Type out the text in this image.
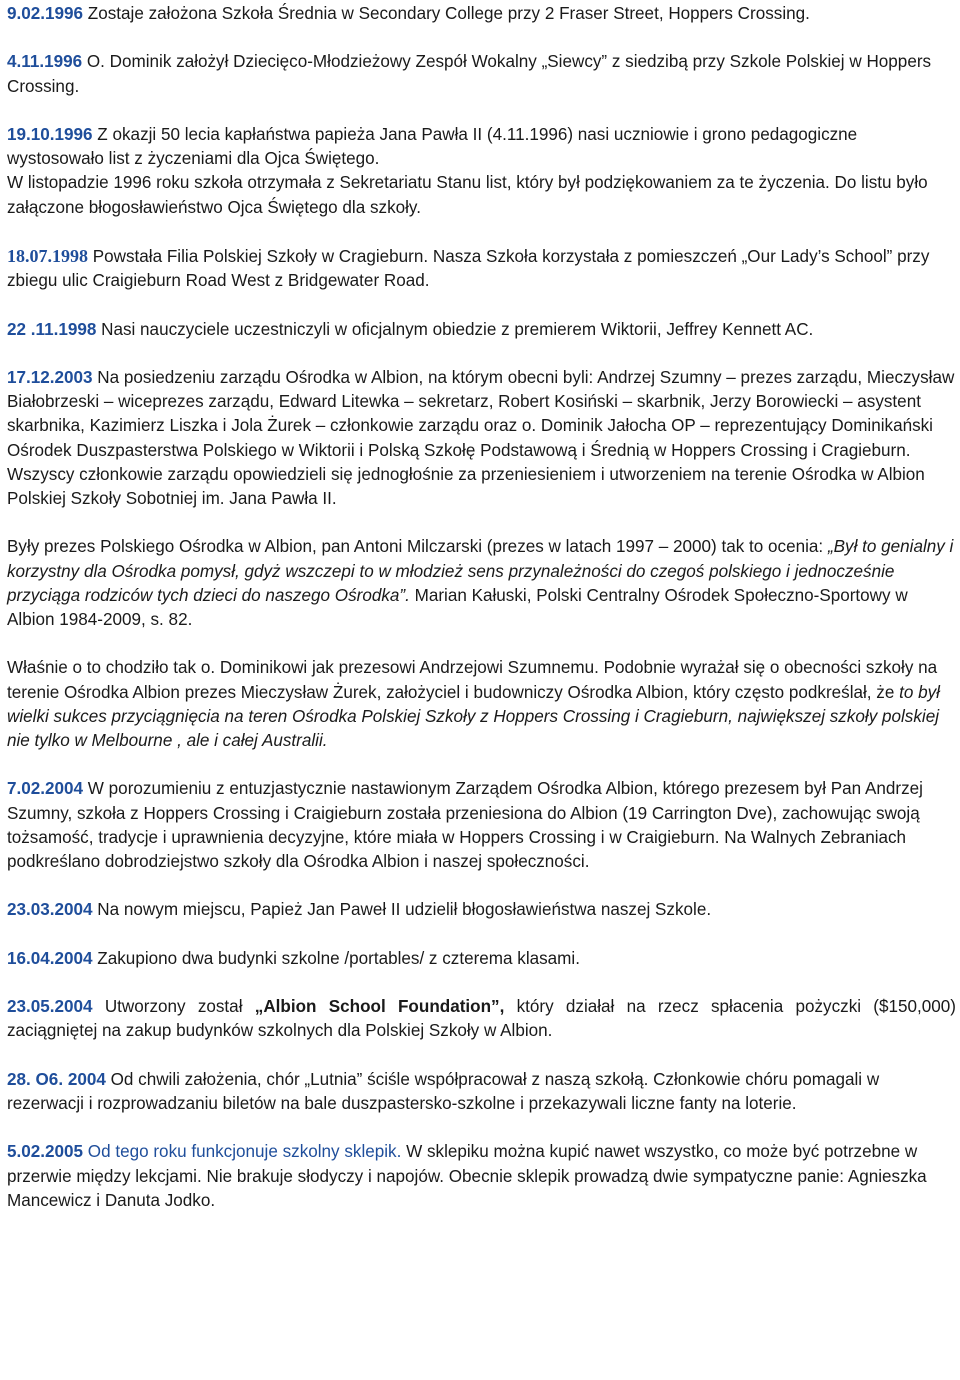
9.02.1996 Zostaje założona Szkoła Średnia w Secondary College przy 2 Fraser Street, Hoppers Crossing.

4.11.1996 O. Dominik założył Dziecięco-Młodzieżowy Zespół Wokalny „Siewcy” z siedzibą przy Szkole Polskiej w Hoppers Crossing.

19.10.1996 Z okazji 50 lecia kapłaństwa papieża Jana Pawła II (4.11.1996) nasi uczniowie i grono pedagogiczne wystosowało list z życzeniami dla Ojca Świętego.
W listopadzie 1996 roku szkoła otrzymała z Sekretariatu Stanu list, który był podziękowaniem za te życzenia. Do listu było załączone błogosławieństwo Ojca Świętego dla szkoły.

18.07.1998 Powstała Filia Polskiej Szkoły w Cragieburn. Nasza Szkoła korzystała z pomieszczeń „Our Lady’s School” przy zbiegu ulic Craigieburn Road West z Bridgewater Road.

22 .11.1998 Nasi nauczyciele uczestniczyli w oficjalnym obiedzie z premierem Wiktorii, Jeffrey Kennett AC.

17.12.2003 Na posiedzeniu zarządu Ośrodka w Albion, na którym obecni byli: Andrzej Szumny – prezes zarządu, Mieczysław Białobrzeski – wiceprezes zarządu, Edward Litewka – sekretarz, Robert Kosiński – skarbnik, Jerzy Borowiecki – asystent skarbnika, Kazimierz Liszka i Jola Żurek – członkowie zarządu oraz o. Dominik Jałocha OP – reprezentujący Dominikański Ośrodek Duszpasterstwa Polskiego w Wiktorii i Polską Szkołę Podstawową i Średnią w Hoppers Crossing i Cragieburn. Wszyscy członkowie zarządu opowiedzieli się jednogłośnie za przeniesieniem i utworzeniem na terenie Ośrodka w Albion Polskiej Szkoły Sobotniej im. Jana Pawła II.

Były prezes Polskiego Ośrodka w Albion, pan Antoni Milczarski (prezes w latach 1997 – 2000) tak to ocenia: „Był to genialny i korzystny dla Ośrodka pomysł, gdyż wszczepi to w młodzież sens przynależności do czegoś polskiego i jednocześnie przyciąga rodziców tych dzieci do naszego Ośrodka”. Marian Kałuski, Polski Centralny Ośrodek Społeczno-Sportowy w Albion 1984-2009, s. 82.

Właśnie o to chodziło tak o. Dominikowi jak prezesowi Andrzejowi Szumnemu. Podobnie wyrażał się o obecności szkoły na terenie Ośrodka Albion prezes Mieczysław Żurek, założyciel i budowniczy Ośrodka Albion, który często podkreślał, że to był wielki sukces przyciągnięcia na teren Ośrodka Polskiej Szkoły z Hoppers Crossing i Cragieburn, największej szkoły polskiej nie tylko w Melbourne , ale i całej Australii.

7.02.2004 W porozumieniu z entuzjastycznie nastawionym Zarządem Ośrodka Albion, którego prezesem był Pan Andrzej Szumny, szkoła z Hoppers Crossing i Craigieburn została przeniesiona do Albion (19 Carrington Dve), zachowując swoją tożsamość, tradycje i uprawnienia decyzyjne, które miała w Hoppers Crossing i w Craigieburn. Na Walnych Zebraniach podkreślano dobrodziejstwo szkoły dla Ośrodka Albion i naszej społeczności.

23.03.2004 Na nowym miejscu, Papież Jan Paweł II udzielił błogosławieństwa naszej Szkole.

16.04.2004 Zakupiono dwa budynki szkolne /portables/ z czterema klasami.

23.05.2004 Utworzony został „Albion School Foundation”, który działał na rzecz spłacenia pożyczki ($150,000) zaciągniętej na zakup budynków szkolnych dla Polskiej Szkoły w Albion.

28. O6. 2004 Od chwili założenia, chór „Lutnia” ściśle współpracował z naszą szkołą. Członkowie chóru pomagali w rezerwacji i rozprowadzaniu biletów na bale duszpastersko-szkolne i przekazywali liczne fanty na loterie.

5.02.2005 Od tego roku funkcjonuje szkolny sklepik. W sklepiku można kupić nawet wszystko, co może być potrzebne w przerwie między lekcjami. Nie brakuje słodyczy i napojów. Obecnie sklepik prowadzą dwie sympatyczne panie: Agnieszka Mancewicz i Danuta Jodko.
